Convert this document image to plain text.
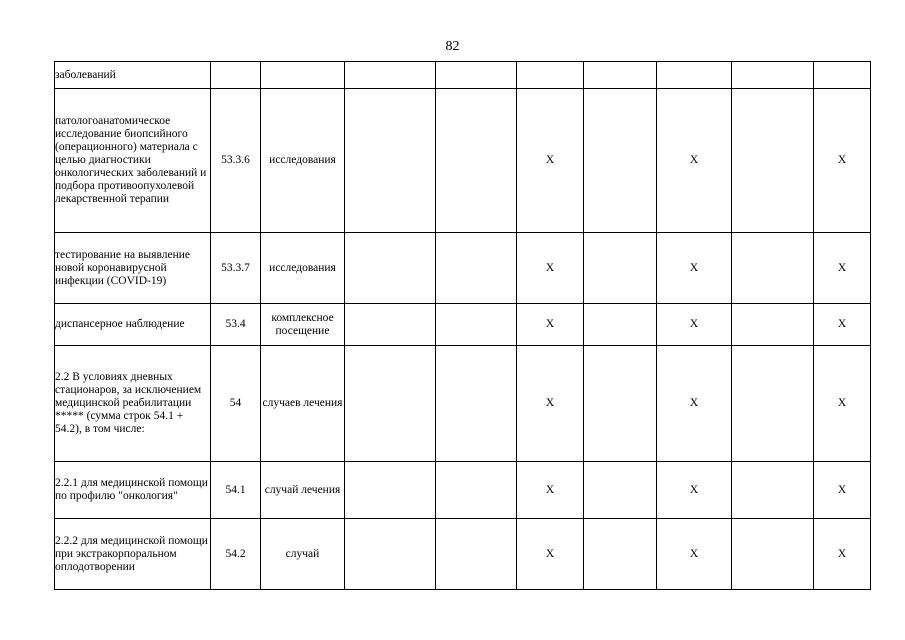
82
заболеваний									
патологоанатомическое исследование биопсийного (операционного) материала с целью диагностики онкологических заболеваний и подбора противоопухолевой лекарственной терапии	53.3.6	исследования			X		X		X
тестирование на выявление новой коронавирусной инфекции (COVID-19)	53.3.7	исследования			X		X		X
диспансерное наблюдение	53.4	комплексное посещение			X		X		X
2.2 В условиях дневных стационаров, за исключением медицинской реабилитации ***** (сумма строк 54.1 + 54.2), в том числе:	54	случаев лечения			X		X		X
2.2.1 для медицинской помощи по профилю "онкология"	54.1	случай лечения			X		X		X
2.2.2 для медицинской помощи при экстракорпоральном оплодотворении	54.2	случай			X		X		X
